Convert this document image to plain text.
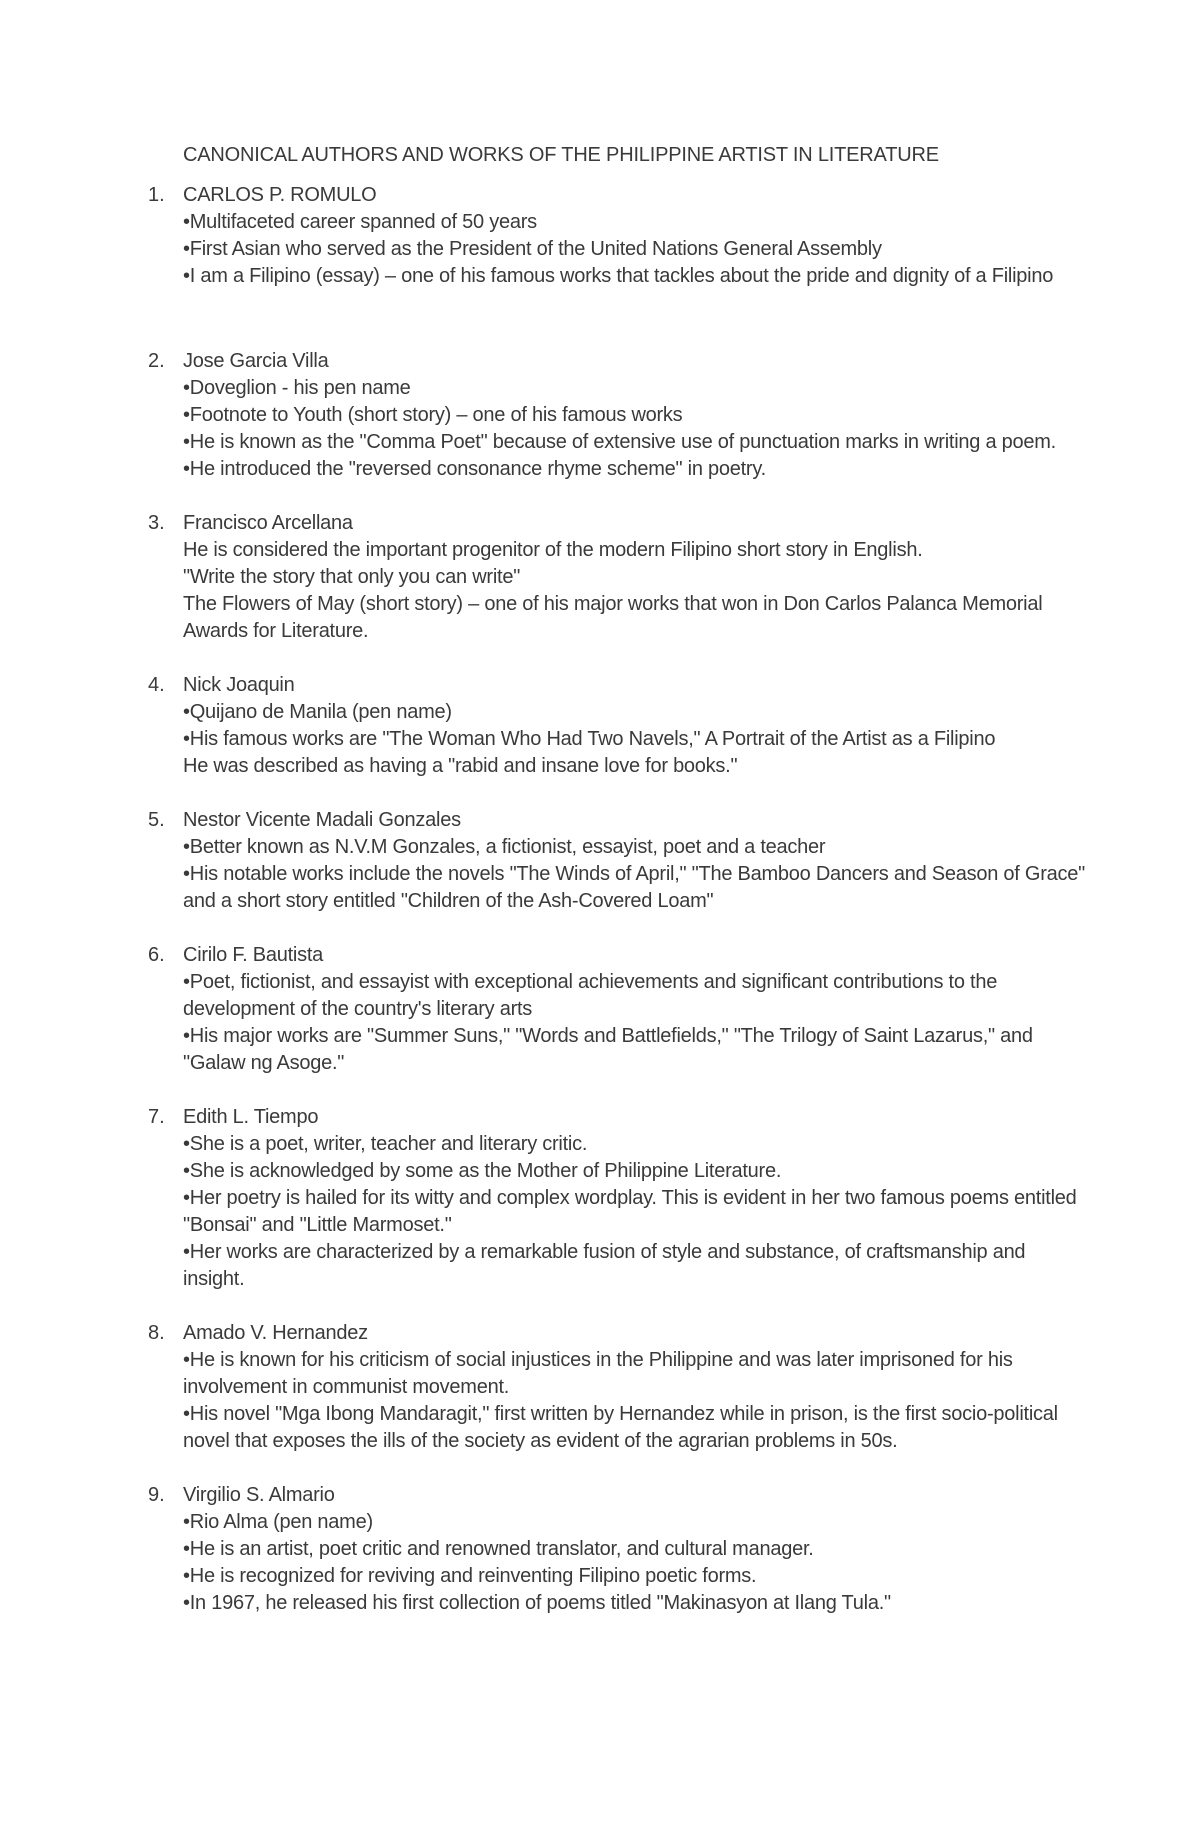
CANONICAL AUTHORS AND WORKS OF THE PHILIPPINE ARTIST IN LITERATURE
1. CARLOS P. ROMULO
•Multifaceted career spanned of 50 years
•First Asian who served as the President of the United Nations General Assembly
•I am a Filipino (essay) – one of his famous works that tackles about the pride and dignity of a Filipino
2. Jose Garcia Villa
•Doveglion - his pen name
•Footnote to Youth (short story) – one of his famous works
•He is known as the "Comma Poet" because of extensive use of punctuation marks in writing a poem.
•He introduced the "reversed consonance rhyme scheme" in poetry.
3. Francisco Arcellana
He is considered the important progenitor of the modern Filipino short story in English.
"Write the story that only you can write"
The Flowers of May (short story) – one of his major works that won in Don Carlos Palanca Memorial Awards for Literature.
4. Nick Joaquin
•Quijano de Manila (pen name)
•His famous works are "The Woman Who Had Two Navels," A Portrait of the Artist as a Filipino
He was described as having a "rabid and insane love for books."
5. Nestor Vicente Madali Gonzales
•Better known as N.V.M Gonzales, a fictionist, essayist, poet and a teacher
•His notable works include the novels "The Winds of April," "The Bamboo Dancers and Season of Grace" and a short story entitled "Children of the Ash-Covered Loam"
6. Cirilo F. Bautista
•Poet, fictionist, and essayist with exceptional achievements and significant contributions to the development of the country's literary arts
•His major works are "Summer Suns," "Words and Battlefields," "The Trilogy of Saint Lazarus," and "Galaw ng Asoge."
7. Edith L. Tiempo
•She is a poet, writer, teacher and literary critic.
•She is acknowledged by some as the Mother of Philippine Literature.
•Her poetry is hailed for its witty and complex wordplay. This is evident in her two famous poems entitled "Bonsai" and "Little Marmoset."
•Her works are characterized by a remarkable fusion of style and substance, of craftsmanship and insight.
8. Amado V. Hernandez
•He is known for his criticism of social injustices in the Philippine and was later imprisoned for his involvement in communist movement.
•His novel "Mga Ibong Mandaragit," first written by Hernandez while in prison, is the first socio-political novel that exposes the ills of the society as evident of the agrarian problems in 50s.
9. Virgilio S. Almario
•Rio Alma (pen name)
•He is an artist, poet critic and renowned translator, and cultural manager.
•He is recognized for reviving and reinventing Filipino poetic forms.
•In 1967, he released his first collection of poems titled "Makinasyon at Ilang Tula."
